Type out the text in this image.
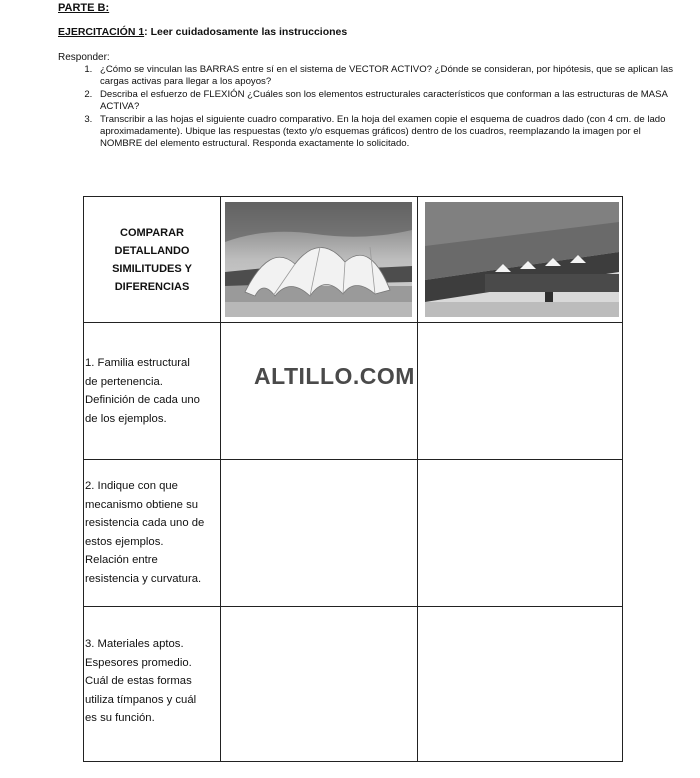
PARTE B:
EJERCITACIÓN 1: Leer cuidadosamente las instrucciones
Responder:
1. ¿Cómo se vinculan las BARRAS entre sí en el sistema de VECTOR ACTIVO? ¿Dónde se consideran, por hipótesis, que se aplican las cargas activas para llegar a los apoyos?
2. Describa el esfuerzo de FLEXIÓN ¿Cuáles son los elementos estructurales característicos que conforman a las estructuras de MASA ACTIVA?
3. Transcribir a las hojas el siguiente cuadro comparativo. En la hoja del examen copie el esquema de cuadros dado (con 4 cm. de lado aproximadamente). Ubique las respuestas (texto y/o esquemas gráficos) dentro de los cuadros, reemplazando la imagen por el NOMBRE del elemento estructural. Responda exactamente lo solicitado.
COMPARAR
DETALLANDO
SIMILITUDES Y
DIFERENCIAS
1. Familia estructural
de pertenencia.
Definición de cada uno
de los ejemplos.
2. Indique con que
mecanismo obtiene su
resistencia cada uno de
estos ejemplos.
Relación entre
resistencia y curvatura.
3. Materiales aptos.
Espesores promedio.
Cuál de estas formas
utiliza tímpanos y cuál
es su función.
ALTILLO.COM
